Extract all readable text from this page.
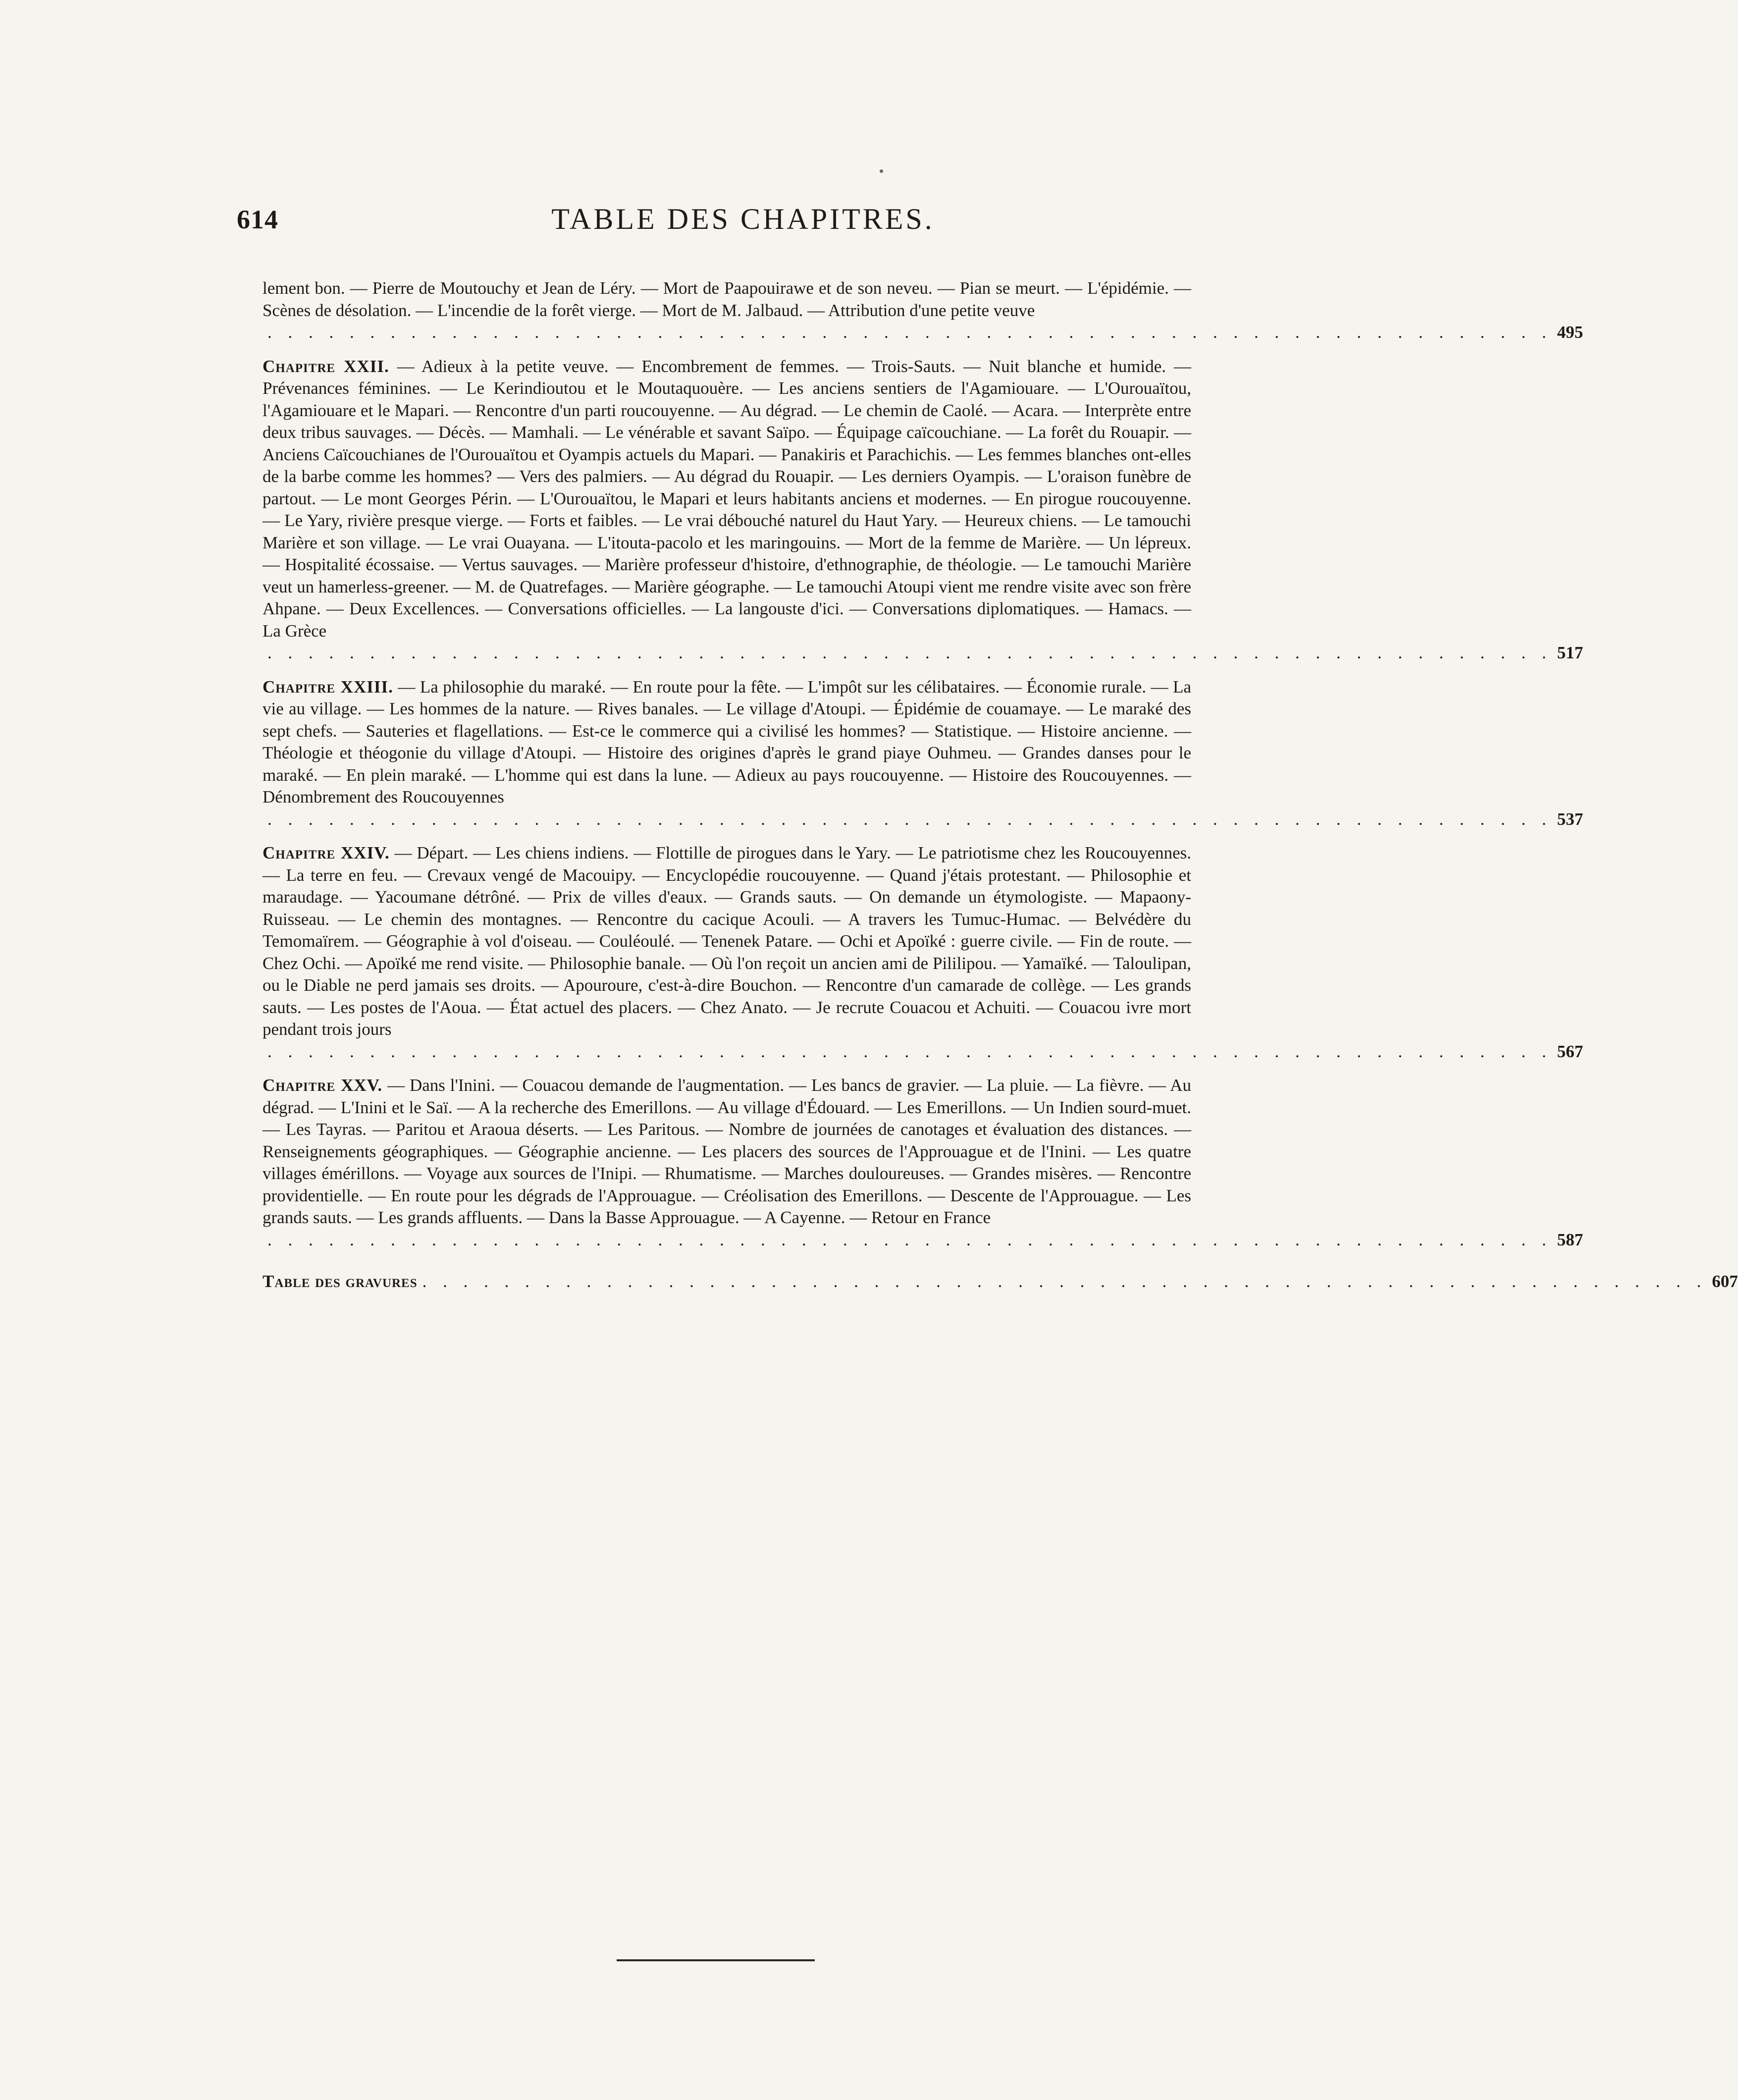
614	TABLE DES CHAPITRES.

lement bon. — Pierre de Moutouchy et Jean de Léry. — Mort de Paapouirawe et de son neveu. — Pian se meurt. — L'épidémie. — Scènes de désolation. — L'incendie de la forêt vierge. — Mort de M. Jalbaud. — Attribution d'une petite veuve

. . . . . . . . . . . . . . . . . . . . . . . . . . . . . . . . . . . . . . . . . . . . . . . . . . . . . . . . . . . . . . . 495

Chapitre XXII. — Adieux à la petite veuve. — Encombrement de femmes. — Trois-Sauts. — Nuit blanche et humide. — Prévenances féminines. — Le Kerindioutou et le Moutaquouère. — Les anciens sentiers de l'Agamiouare. — L'Ourouaïtou, l'Agamiouare et le Mapari. — Rencontre d'un parti roucouyenne. — Au dégrad. — Le chemin de Caolé. — Acara. — Interprète entre deux tribus sauvages. — Décès. — Mamhali. — Le vénérable et savant Saïpo. — Équipage caïcouchiane. — La forêt du Rouapir. — Anciens Caïcouchianes de l'Ourouaïtou et Oyampis actuels du Mapari. — Panakiris et Parachichis. — Les femmes blanches ont-elles de la barbe comme les hommes? — Vers des palmiers. — Au dégrad du Rouapir. — Les derniers Oyampis. — L'oraison funèbre de partout. — Le mont Georges Périn. — L'Ourouaïtou, le Mapari et leurs habitants anciens et modernes. — En pirogue roucouyenne. — Le Yary, rivière presque vierge. — Forts et faibles. — Le vrai débouché naturel du Haut Yary. — Heureux chiens. — Le tamouchi Marière et son village. — Le vrai Ouayana. — L'itouta-pacolo et les maringouins. — Mort de la femme de Marière. — Un lépreux. — Hospitalité écossaise. — Vertus sauvages. — Marière professeur d'histoire, d'ethnographie, de théologie. — Le tamouchi Marière veut un hamerless-greener. — M. de Quatrefages. — Marière géographe. — Le tamouchi Atoupi vient me rendre visite avec son frère Ahpane. — Deux Excellences. — Conversations officielles. — La langouste d'ici. — Conversations diplomatiques. — Hamacs. — La Grèce

. . . . . . . . . . . . . . . . . . . . . . . . . . . . . . . . . . . . . . . . . . . . . . . . . . . . . . . . . . . . . . . 517

Chapitre XXIII. — La philosophie du maraké. — En route pour la fête. — L'impôt sur les célibataires. — Économie rurale. — La vie au village. — Les hommes de la nature. — Rives banales. — Le village d'Atoupi. — Épidémie de couamaye. — Le maraké des sept chefs. — Sauteries et flagellations. — Est-ce le commerce qui a civilisé les hommes? — Statistique. — Histoire ancienne. — Théologie et théogonie du village d'Atoupi. — Histoire des origines d'après le grand piaye Ouhmeu. — Grandes danses pour le maraké. — En plein maraké. — L'homme qui est dans la lune. — Adieux au pays roucouyenne. — Histoire des Roucouyennes. — Dénombrement des Roucouyennes

. . . . . . . . . . . . . . . . . . . . . . . . . . . . . . . . . . . . . . . . . . . . . . . . . . . . . . . . . . . . . . . 537

Chapitre XXIV. — Départ. — Les chiens indiens. — Flottille de pirogues dans le Yary. — Le patriotisme chez les Roucouyennes. — La terre en feu. — Crevaux vengé de Macouipy. — Encyclopédie roucouyenne. — Quand j'étais protestant. — Philosophie et maraudage. — Yacoumane détrôné. — Prix de villes d'eaux. — Grands sauts. — On demande un étymologiste. — Mapaony-Ruisseau. — Le chemin des montagnes. — Rencontre du cacique Acouli. — A travers les Tumuc-Humac. — Belvédère du Temomaïrem. — Géographie à vol d'oiseau. — Couléoulé. — Tenenek Patare. — Ochi et Apoïké : guerre civile. — Fin de route. — Chez Ochi. — Apoïké me rend visite. — Philosophie banale. — Où l'on reçoit un ancien ami de Pililipou. — Yamaïké. — Taloulipan, ou le Diable ne perd jamais ses droits. — Apouroure, c'est-à-dire Bouchon. — Rencontre d'un camarade de collège. — Les grands sauts. — Les postes de l'Aoua. — État actuel des placers. — Chez Anato. — Je recrute Couacou et Achuiti. — Couacou ivre mort pendant trois jours

. . . . . . . . . . . . . . . . . . . . . . . . . . . . . . . . . . . . . . . . . . . . . . . . . . . . . . . . . . . . . . . 567

Chapitre XXV. — Dans l'Inini. — Couacou demande de l'augmentation. — Les bancs de gravier. — La pluie. — La fièvre. — Au dégrad. — L'Inini et le Saï. — A la recherche des Emerillons. — Au village d'Édouard. — Les Emerillons. — Un Indien sourd-muet. — Les Tayras. — Paritou et Araoua déserts. — Les Paritous. — Nombre de journées de canotages et évaluation des distances. — Renseignements géographiques. — Géographie ancienne. — Les placers des sources de l'Approuague et de l'Inini. — Les quatre villages émérillons. — Voyage aux sources de l'Inipi. — Rhumatisme. — Marches douloureuses. — Grandes misères. — Rencontre providentielle. — En route pour les dégrads de l'Approuague. — Créolisation des Emerillons. — Descente de l'Approuague. — Les grands sauts. — Les grands affluents. — Dans la Basse Approuague. — A Cayenne. — Retour en France

. . . . . . . . . . . . . . . . . . . . . . . . . . . . . . . . . . . . . . . . . . . . . . . . . . . . . . . . . . . . . . . 587
Table des gravures . . . . . . . . . . . . . . . . . . . . . . . . . . . . . . . . . . . . . . . . . . . . . . . . . . . . . . . . . . . . . . . 607
